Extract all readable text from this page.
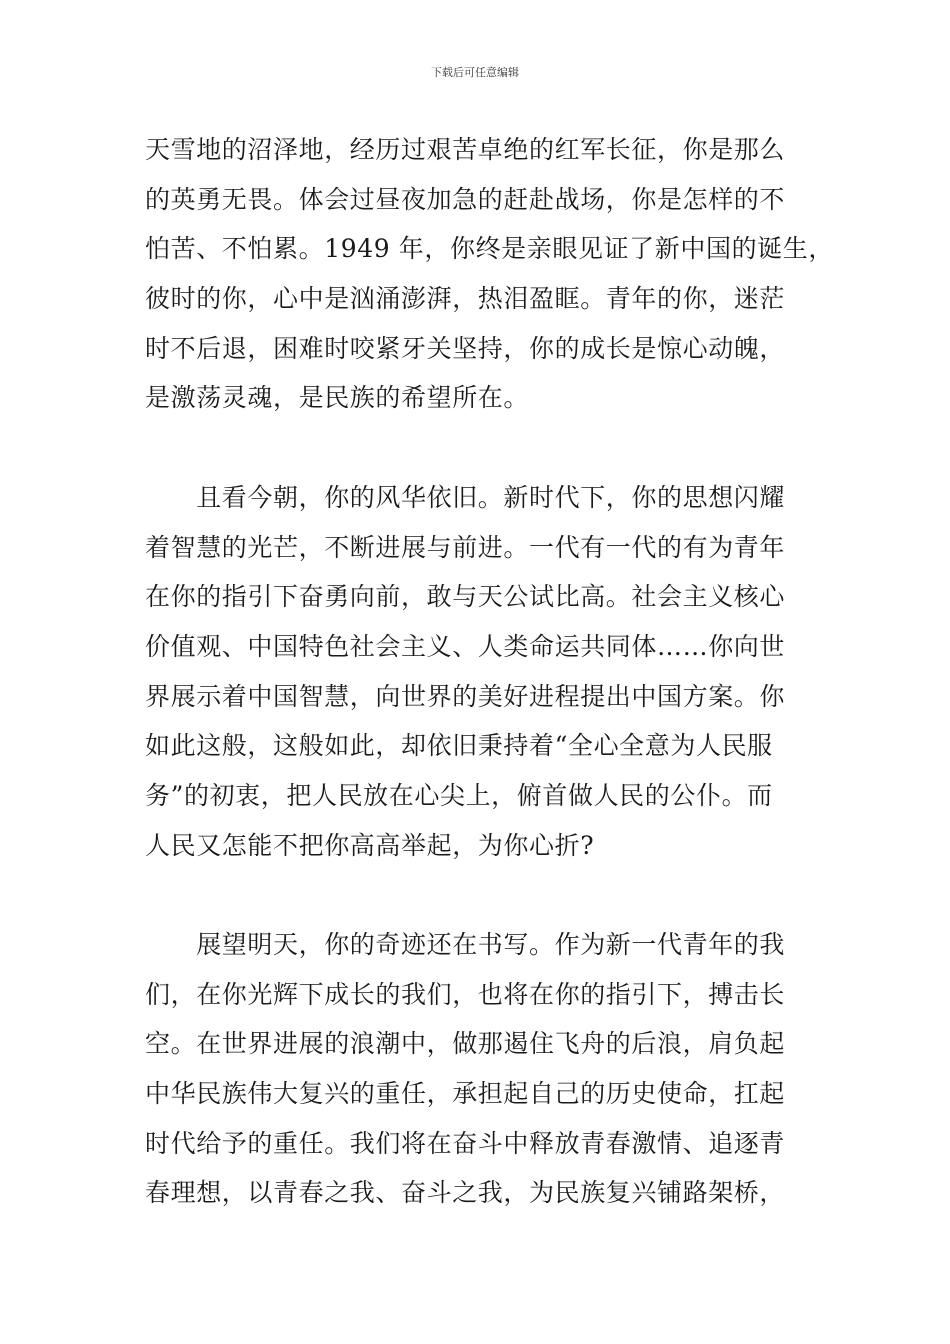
下载后可任意编辑
天雪地的沼泽地，经历过艰苦卓绝的红军长征，你是那么
的英勇无畏。体会过昼夜加急的赶赴战场，你是怎样的不
怕苦、不怕累。1949 年，你终是亲眼见证了新中国的诞生，
彼时的你，心中是汹涌澎湃，热泪盈眶。青年的你，迷茫
时不后退，困难时咬紧牙关坚持，你的成长是惊心动魄，
是激荡灵魂，是民族的希望所在。
　　且看今朝，你的风华依旧。新时代下，你的思想闪耀
着智慧的光芒，不断进展与前进。一代有一代的有为青年
在你的指引下奋勇向前，敢与天公试比高。社会主义核心
价值观、中国特色社会主义、人类命运共同体……你向世
界展示着中国智慧，向世界的美好进程提出中国方案。你
如此这般，这般如此，却依旧秉持着“全心全意为人民服
务”的初衷，把人民放在心尖上，俯首做人民的公仆。而
人民又怎能不把你高高举起，为你心折?
　　展望明天，你的奇迹还在书写。作为新一代青年的我
们，在你光辉下成长的我们，也将在你的指引下，搏击长
空。在世界进展的浪潮中，做那遏住飞舟的后浪，肩负起
中华民族伟大复兴的重任，承担起自己的历史使命，扛起
时代给予的重任。我们将在奋斗中释放青春激情、追逐青
春理想，以青春之我、奋斗之我，为民族复兴铺路架桥，
